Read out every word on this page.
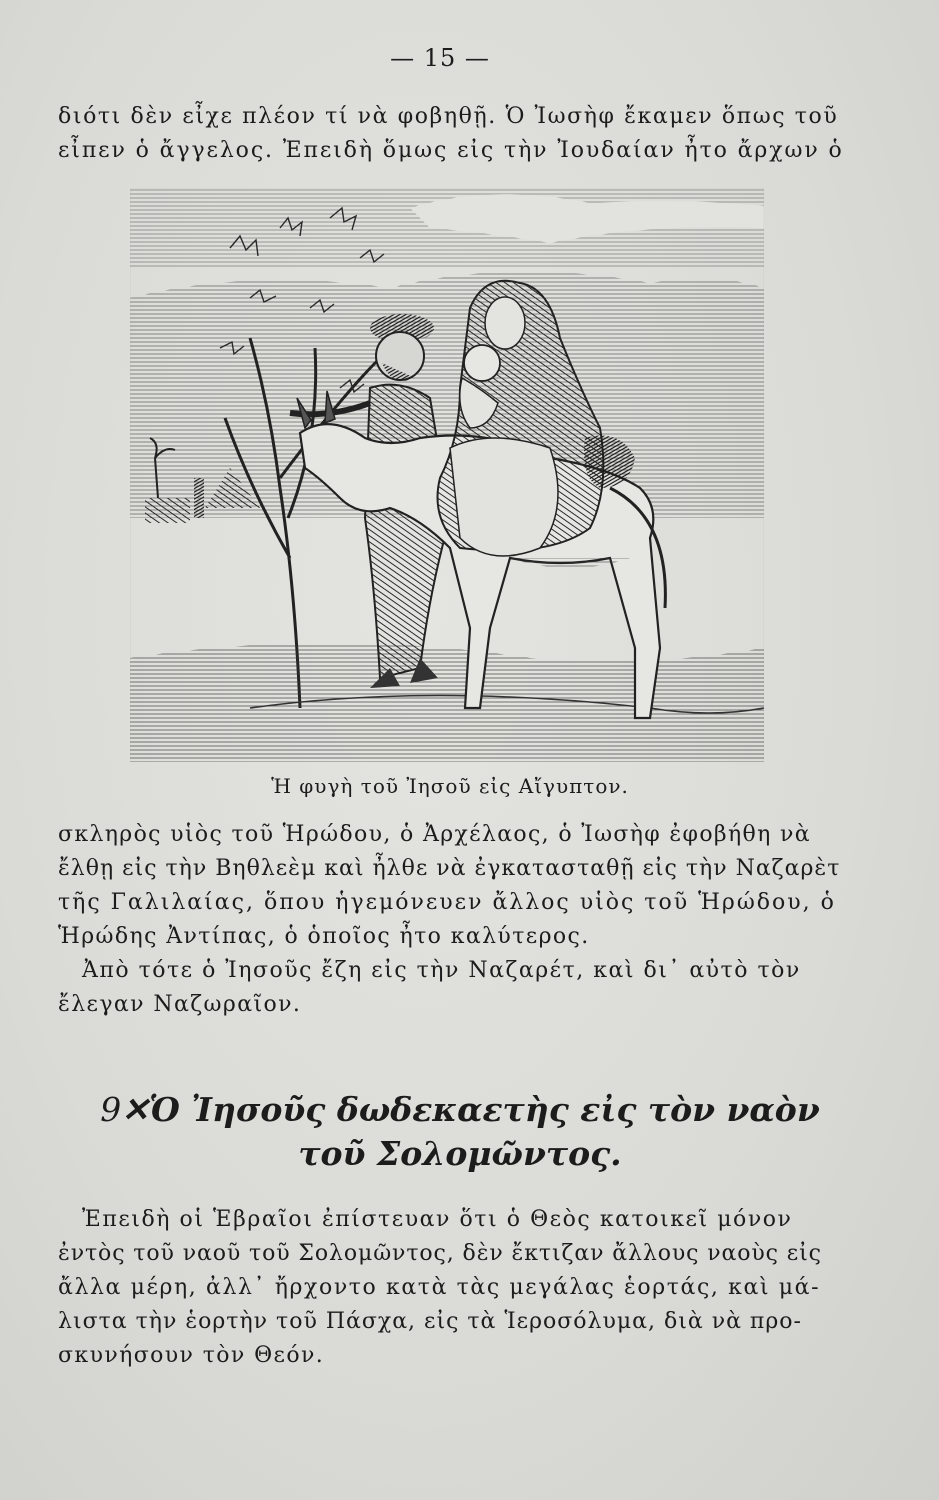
— 15 —
διότι δὲν εἶχε πλέον τί νὰ φοβηθῇ. Ὁ Ἰωσὴφ ἔκαμεν ὅπως τοῦ
εἶπεν ὁ ἄγγελος. Ἐπειδὴ ὅμως εἰς τὴν Ἰουδαίαν ἦτο ἄρχων ὁ
Ἡ φυγὴ τοῦ Ἰησοῦ εἰς Αἴγυπτον.
σκληρὸς υἱὸς τοῦ Ἡρώδου, ὁ Ἀρχέλαος, ὁ Ἰωσὴφ ἐφοβήθη νὰ
ἔλθῃ εἰς τὴν Βηθλεὲμ καὶ ἦλθε νὰ ἐγκατασταθῇ εἰς τὴν Ναζαρὲτ
τῆς Γαλιλαίας, ὅπου ἡγεμόνευεν ἄλλος υἱὸς τοῦ Ἡρώδου, ὁ
Ἡρώδης Ἀντίπας, ὁ ὁποῖος ἦτο καλύτερος.
Ἀπὸ τότε ὁ Ἰησοῦς ἔζη εἰς τὴν Ναζαρέτ, καὶ δι᾽ αὐτὸ τὸν
ἔλεγαν Ναζωραῖον.
9✕Ὁ Ἰησοῦς δωδεκαετὴς εἰς τὸν ναὸν
τοῦ Σολομῶντος.
Ἐπειδὴ οἱ Ἑβραῖοι ἐπίστευαν ὅτι ὁ Θεὸς κατοικεῖ μόνον
ἐντὸς τοῦ ναοῦ τοῦ Σολομῶντος, δὲν ἔκτιζαν ἄλλους ναοὺς εἰς
ἄλλα μέρη, ἀλλ᾽ ἤρχοντο κατὰ τὰς μεγάλας ἑορτάς, καὶ μά-
λιστα τὴν ἑορτὴν τοῦ Πάσχα, εἰς τὰ Ἱεροσόλυμα, διὰ νὰ προ-
σκυνήσουν τὸν Θεόν.
